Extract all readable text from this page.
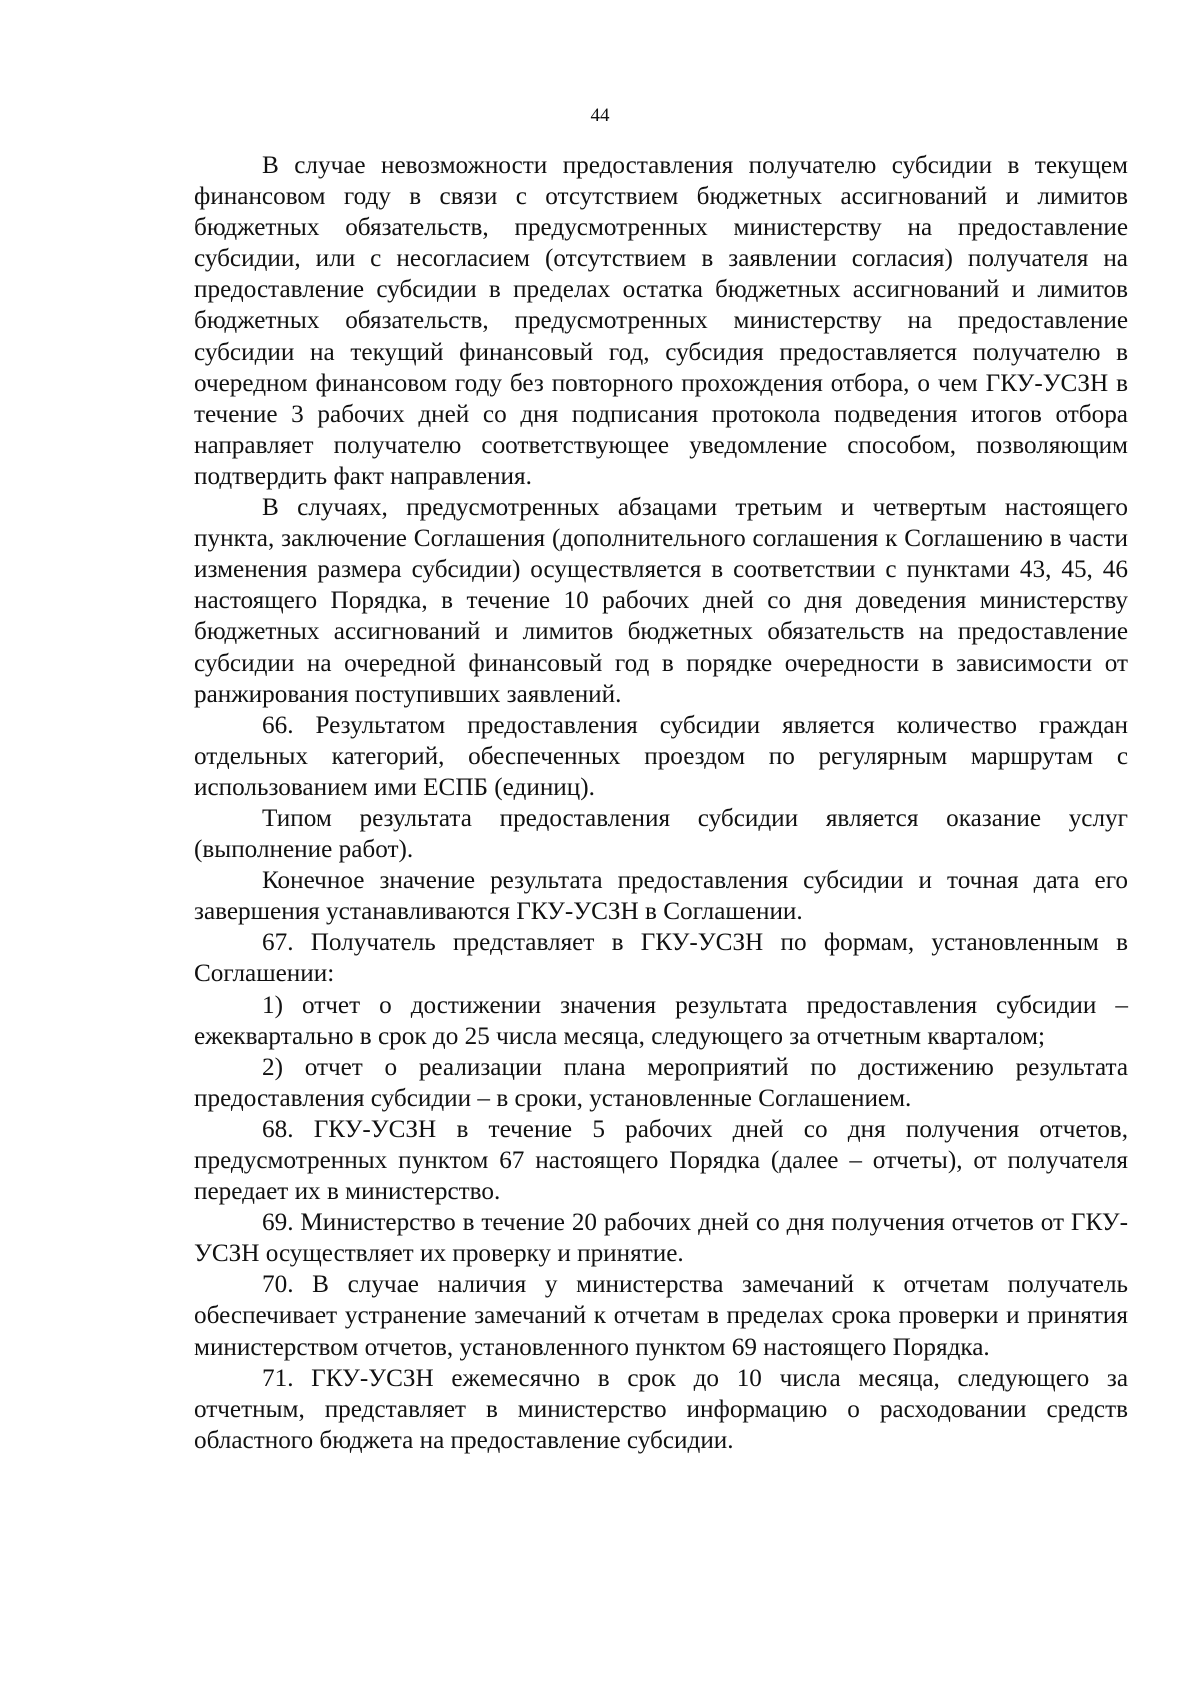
44

В случае невозможности предоставления получателю субсидии в текущем финансовом году в связи с отсутствием бюджетных ассигнований и лимитов бюджетных обязательств, предусмотренных министерству на предоставление субсидии, или с несогласием (отсутствием в заявлении согласия) получателя на предоставление субсидии в пределах остатка бюджетных ассигнований и лимитов бюджетных обязательств, предусмотренных министерству на предоставление субсидии на текущий финансовый год, субсидия предоставляется получателю в очередном финансовом году без повторного прохождения отбора, о чем ГКУ-УСЗН в течение 3 рабочих дней со дня подписания протокола подведения итогов отбора направляет получателю соответствующее уведомление способом, позволяющим подтвердить факт направления.

В случаях, предусмотренных абзацами третьим и четвертым настоящего пункта, заключение Соглашения (дополнительного соглашения к Соглашению в части изменения размера субсидии) осуществляется в соответствии с пунктами 43, 45, 46 настоящего Порядка, в течение 10 рабочих дней со дня доведения министерству бюджетных ассигнований и лимитов бюджетных обязательств на предоставление субсидии на очередной финансовый год в порядке очередности в зависимости от ранжирования поступивших заявлений.

66. Результатом предоставления субсидии является количество граждан отдельных категорий, обеспеченных проездом по регулярным маршрутам с использованием ими ЕСПБ (единиц).

Типом результата предоставления субсидии является оказание услуг (выполнение работ).

Конечное значение результата предоставления субсидии и точная дата его завершения устанавливаются ГКУ-УСЗН в Соглашении.

67. Получатель представляет в ГКУ-УСЗН по формам, установленным в Соглашении:

1) отчет о достижении значения результата предоставления субсидии – ежеквартально в срок до 25 числа месяца, следующего за отчетным кварталом;

2) отчет о реализации плана мероприятий по достижению результата предоставления субсидии – в сроки, установленные Соглашением.

68. ГКУ-УСЗН в течение 5 рабочих дней со дня получения отчетов, предусмотренных пунктом 67 настоящего Порядка (далее – отчеты), от получателя передает их в министерство.

69. Министерство в течение 20 рабочих дней со дня получения отчетов от ГКУ-УСЗН осуществляет их проверку и принятие.

70. В случае наличия у министерства замечаний к отчетам получатель обеспечивает устранение замечаний к отчетам в пределах срока проверки и принятия министерством отчетов, установленного пунктом 69 настоящего Порядка.

71. ГКУ-УСЗН ежемесячно в срок до 10 числа месяца, следующего за отчетным, представляет в министерство информацию о расходовании средств областного бюджета на предоставление субсидии.
